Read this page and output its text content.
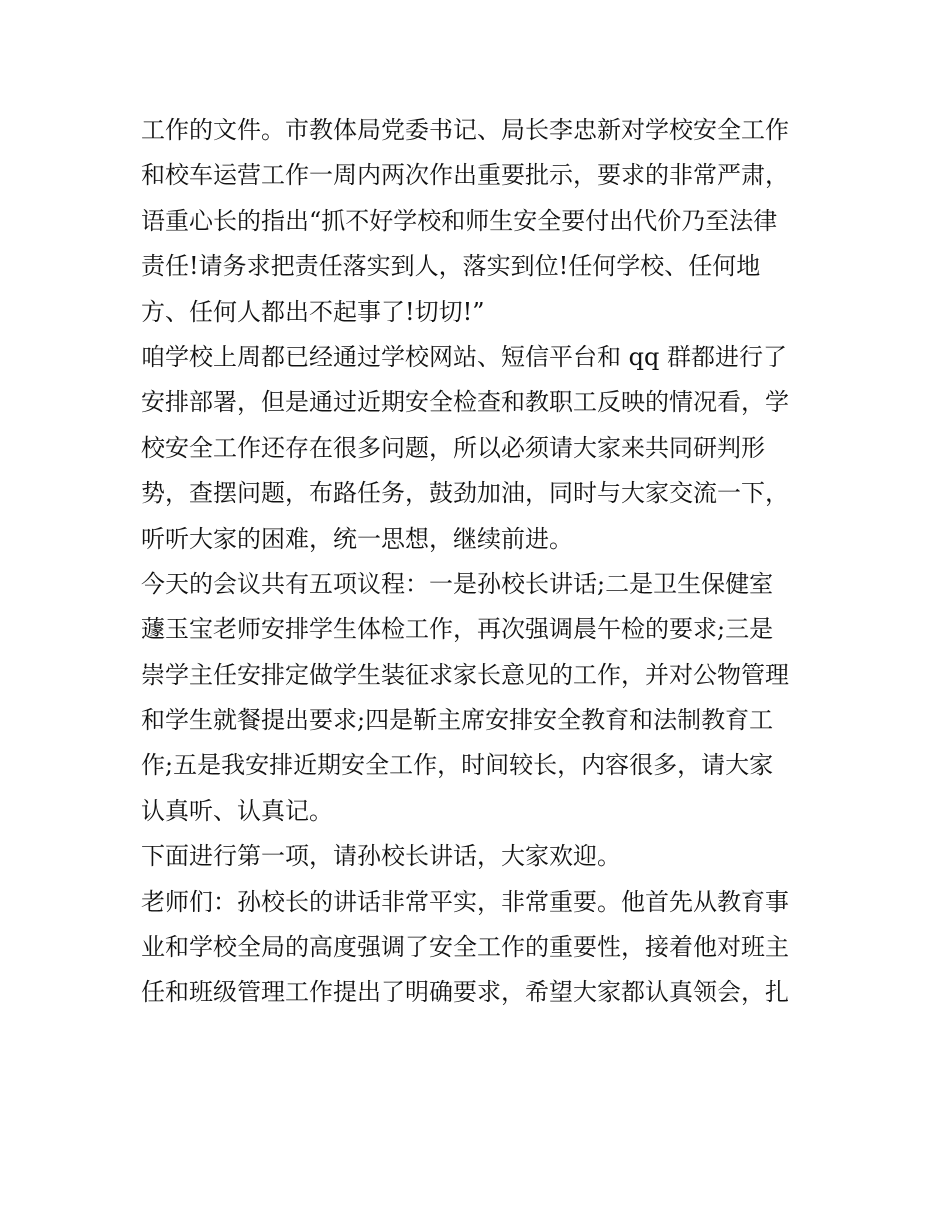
工作的文件。市教体局党委书记、局长李忠新对学校安全工作
和校车运营工作一周内两次作出重要批示，要求的非常严肃，
语重心长的指出“抓不好学校和师生安全要付出代价乃至法律
责任!请务求把责任落实到人，落实到位!任何学校、任何地
方、任何人都出不起事了!切切!”
咱学校上周都已经通过学校网站、短信平台和 qq 群都进行了
安排部署，但是通过近期安全检查和教职工反映的情况看，学
校安全工作还存在很多问题，所以必须请大家来共同研判形
势，查摆问题，布路任务，鼓劲加油，同时与大家交流一下，
听听大家的困难，统一思想，继续前进。
今天的会议共有五项议程：一是孙校长讲话;二是卫生保健室
蘧玉宝老师安排学生体检工作，再次强调晨午检的要求;三是
崇学主任安排定做学生装征求家长意见的工作，并对公物管理
和学生就餐提出要求;四是靳主席安排安全教育和法制教育工
作;五是我安排近期安全工作，时间较长，内容很多，请大家
认真听、认真记。
下面进行第一项，请孙校长讲话，大家欢迎。
老师们：孙校长的讲话非常平实，非常重要。他首先从教育事
业和学校全局的高度强调了安全工作的重要性，接着他对班主
任和班级管理工作提出了明确要求，希望大家都认真领会，扎
